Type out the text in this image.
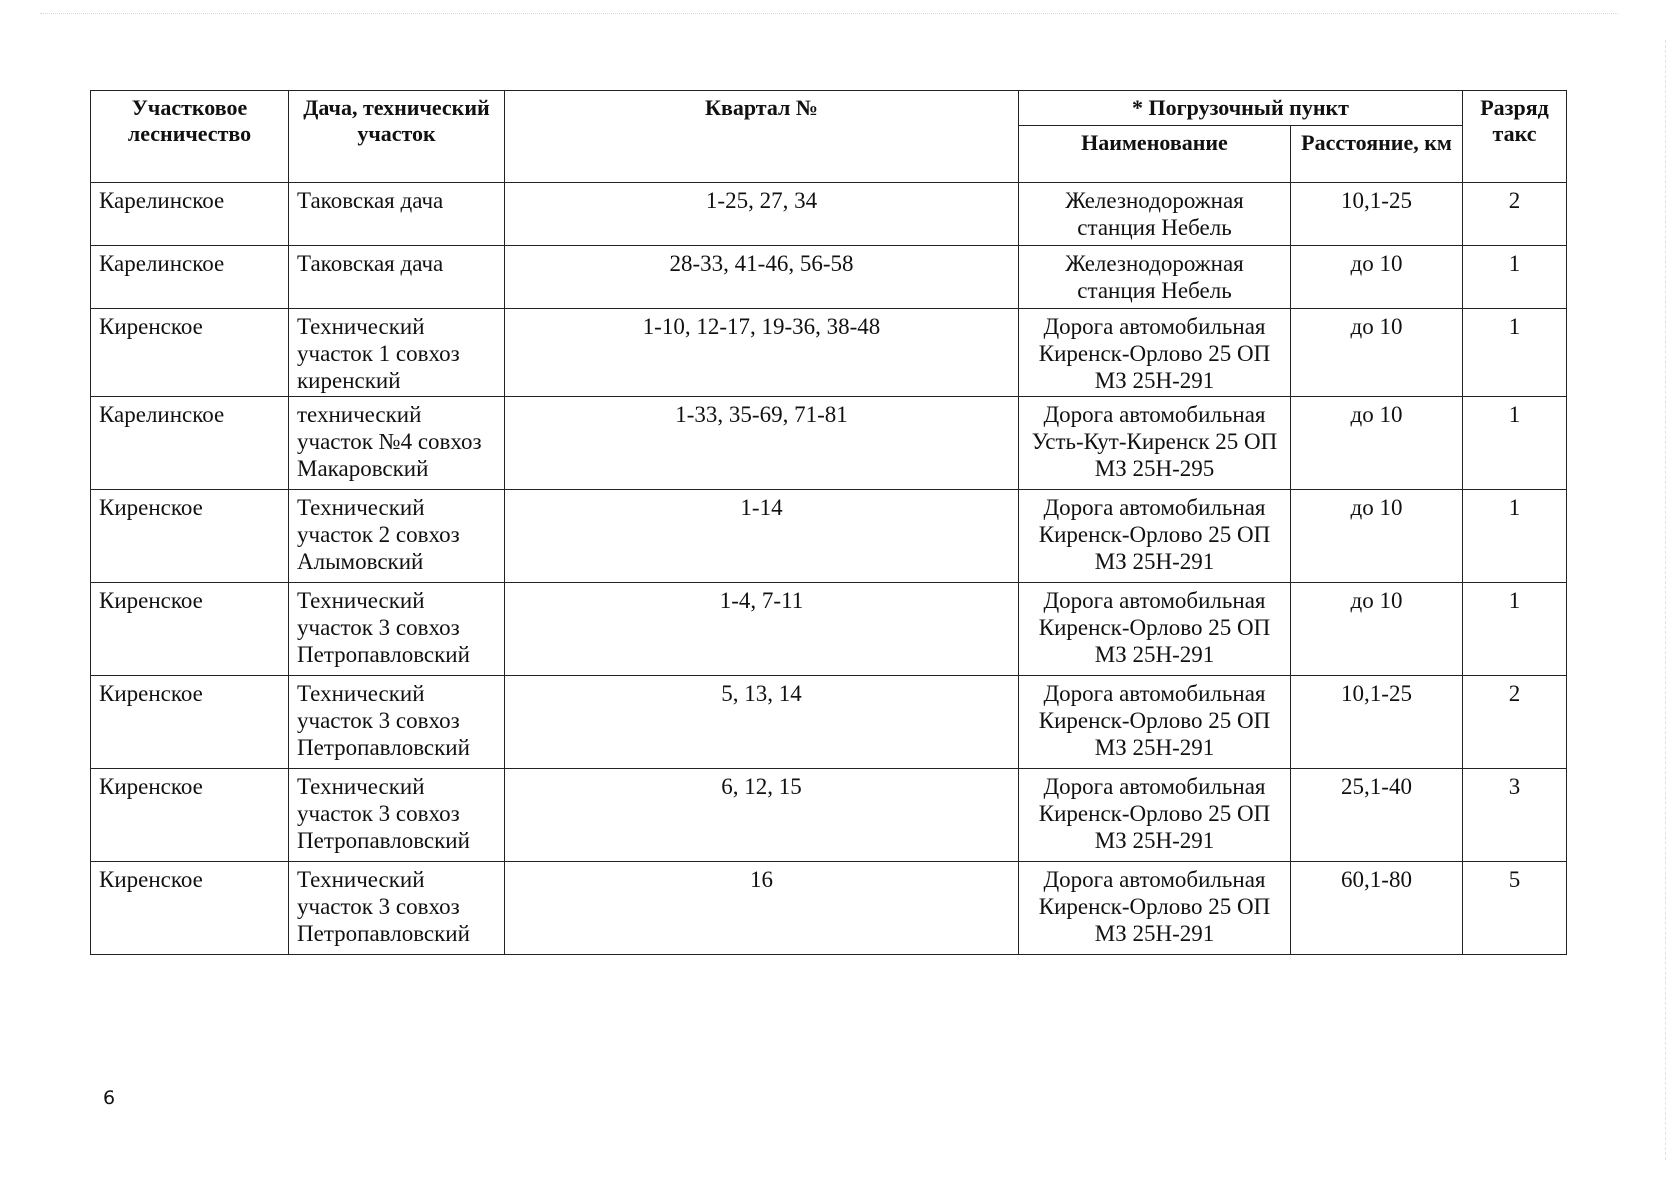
Участковое лесничество	Дача, технический участок	Квартал №	* Погрузочный пункт		Разряд такс
			Наименование	Расстояние, км	
Карелинское	Таковская дача	1-25, 27, 34	Железнодорожная станция Небель	10,1-25	2
Карелинское	Таковская дача	28-33, 41-46, 56-58	Железнодорожная станция Небель	до 10	1
Киренское	Технический участок 1 совхоз киренский	1-10, 12-17, 19-36, 38-48	Дорога автомобильная Киренск-Орлово 25 ОП МЗ 25Н-291	до 10	1
Карелинское	технический участок №4 совхоз Макаровский	1-33, 35-69, 71-81	Дорога автомобильная Усть-Кут-Киренск 25 ОП МЗ 25Н-295	до 10	1
Киренское	Технический участок 2 совхоз Алымовский	1-14	Дорога автомобильная Киренск-Орлово 25 ОП МЗ 25Н-291	до 10	1
Киренское	Технический участок 3 совхоз Петропавловский	1-4, 7-11	Дорога автомобильная Киренск-Орлово 25 ОП МЗ 25Н-291	до 10	1
Киренское	Технический участок 3 совхоз Петропавловский	5, 13, 14	Дорога автомобильная Киренск-Орлово 25 ОП МЗ 25Н-291	10,1-25	2
Киренское	Технический участок 3 совхоз Петропавловский	6, 12, 15	Дорога автомобильная Киренск-Орлово 25 ОП МЗ 25Н-291	25,1-40	3
Киренское	Технический участок 3 совхоз Петропавловский	16	Дорога автомобильная Киренск-Орлово 25 ОП МЗ 25Н-291	60,1-80	5
6
